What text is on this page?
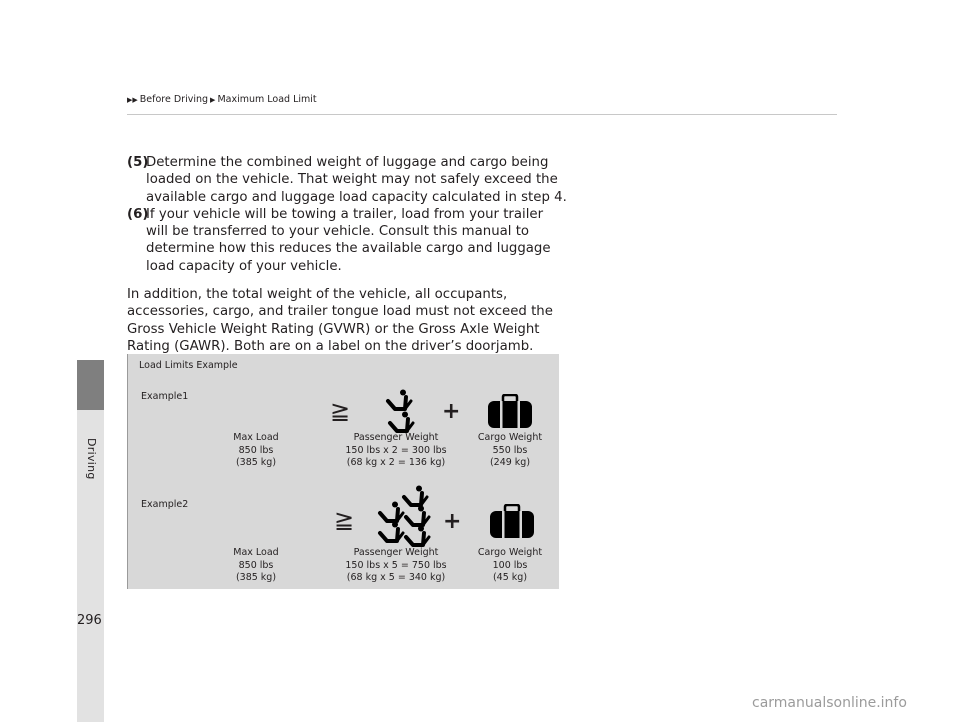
Driving
▶▶ Before Driving ▶ Maximum Load Limit
(5)
Determine the combined weight of luggage and cargo being loaded on the vehicle. That weight may not safely exceed the available cargo and luggage load capacity calculated in step 4.
(6)
If your vehicle will be towing a trailer, load from your trailer will be transferred to your vehicle. Consult this manual to determine how this reduces the available cargo and luggage load capacity of your vehicle.
In addition, the total weight of the vehicle, all occupants, accessories, cargo, and trailer tongue load must not exceed the Gross Vehicle Weight Rating (GVWR) or the Gross Axle Weight Rating (GAWR). Both are on a label on the driver’s doorjamb.
Load Limits Example
Example1
≧	+
Max Load
850 lbs
(385 kg)
Passenger Weight
150 lbs x 2 = 300 lbs
(68 kg x 2 = 136 kg)
Cargo Weight
550 lbs
(249 kg)
Example2
≧	+
Max Load
850 lbs
(385 kg)
Passenger Weight
150 lbs x 5 = 750 lbs
(68 kg x 5 = 340 kg)
Cargo Weight
100 lbs
(45 kg)
296
carmanualsonline.info
